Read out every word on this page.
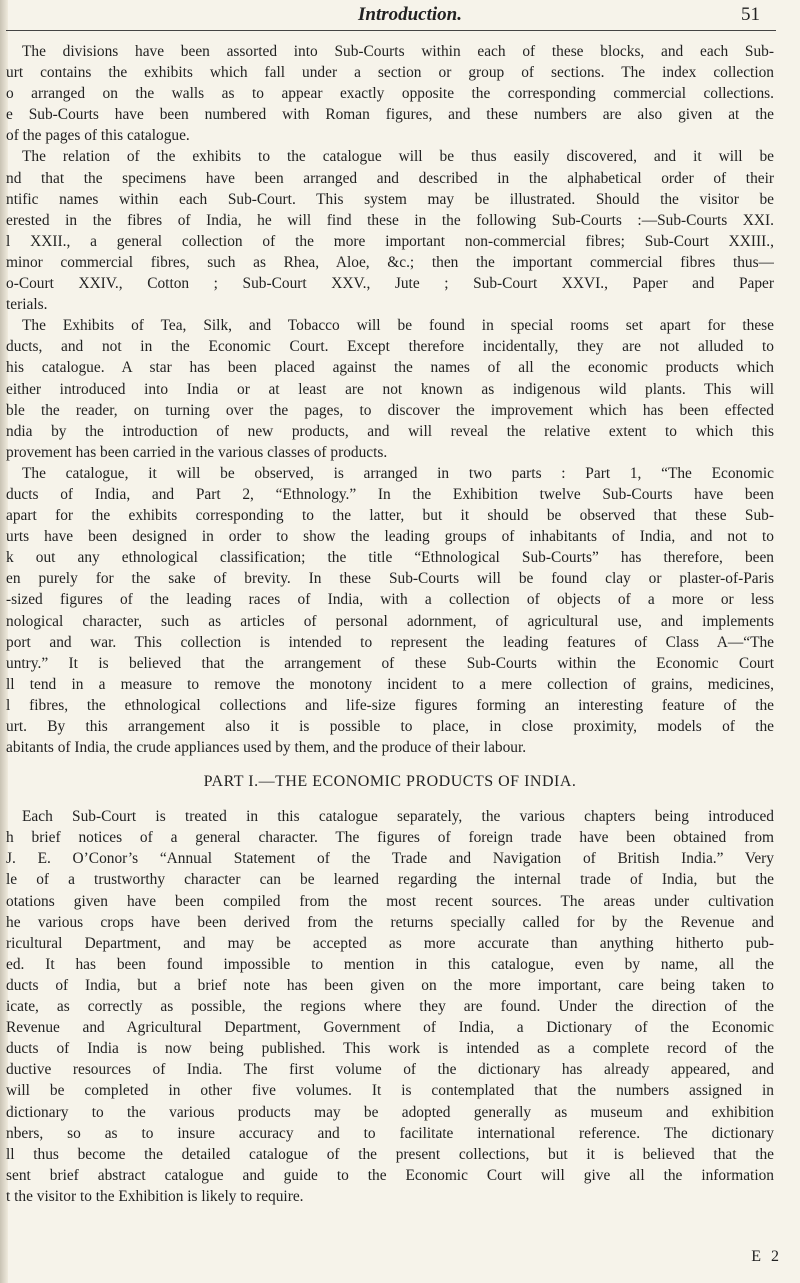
Introduction.	51
The divisions have been assorted into Sub-Courts within each of these blocks, and each Sub-
urt contains the exhibits which fall under a section or group of sections. The index collection
o arranged on the walls as to appear exactly opposite the corresponding commercial collections.
e Sub-Courts have been numbered with Roman figures, and these numbers are also given at the
of the pages of this catalogue.
The relation of the exhibits to the catalogue will be thus easily discovered, and it will be
nd that the specimens have been arranged and described in the alphabetical order of their
ntific names within each Sub-Court. This system may be illustrated. Should the visitor be
erested in the fibres of India, he will find these in the following Sub-Courts :—Sub-Courts XXI.
l XXII., a general collection of the more important non-commercial fibres; Sub-Court XXIII.,
minor commercial fibres, such as Rhea, Aloe, &c.; then the important commercial fibres thus—
o-Court XXIV., Cotton ; Sub-Court XXV., Jute ; Sub-Court XXVI., Paper and Paper
terials.
The Exhibits of Tea, Silk, and Tobacco will be found in special rooms set apart for these
ducts, and not in the Economic Court. Except therefore incidentally, they are not alluded to
his catalogue. A star has been placed against the names of all the economic products which
either introduced into India or at least are not known as indigenous wild plants. This will
ble the reader, on turning over the pages, to discover the improvement which has been effected
ndia by the introduction of new products, and will reveal the relative extent to which this
provement has been carried in the various classes of products.
The catalogue, it will be observed, is arranged in two parts : Part 1, “The Economic
ducts of India, and Part 2, “Ethnology.” In the Exhibition twelve Sub-Courts have been
apart for the exhibits corresponding to the latter, but it should be observed that these Sub-
urts have been designed in order to show the leading groups of inhabitants of India, and not to
k out any ethnological classification; the title “Ethnological Sub-Courts” has therefore, been
en purely for the sake of brevity. In these Sub-Courts will be found clay or plaster-of-Paris
-sized figures of the leading races of India, with a collection of objects of a more or less
nological character, such as articles of personal adornment, of agricultural use, and implements
port and war. This collection is intended to represent the leading features of Class A—“The
untry.” It is believed that the arrangement of these Sub-Courts within the Economic Court
ll tend in a measure to remove the monotony incident to a mere collection of grains, medicines,
l fibres, the ethnological collections and life-size figures forming an interesting feature of the
urt. By this arrangement also it is possible to place, in close proximity, models of the
abitants of India, the crude appliances used by them, and the produce of their labour.
PART I.—THE ECONOMIC PRODUCTS OF INDIA.
Each Sub-Court is treated in this catalogue separately, the various chapters being introduced
h brief notices of a general character. The figures of foreign trade have been obtained from
J. E. O’Conor’s “Annual Statement of the Trade and Navigation of British India.” Very
le of a trustworthy character can be learned regarding the internal trade of India, but the
otations given have been compiled from the most recent sources. The areas under cultivation
he various crops have been derived from the returns specially called for by the Revenue and
ricultural Department, and may be accepted as more accurate than anything hitherto pub-
ed. It has been found impossible to mention in this catalogue, even by name, all the
ducts of India, but a brief note has been given on the more important, care being taken to
icate, as correctly as possible, the regions where they are found. Under the direction of the
Revenue and Agricultural Department, Government of India, a Dictionary of the Economic
ducts of India is now being published. This work is intended as a complete record of the
ductive resources of India. The first volume of the dictionary has already appeared, and
will be completed in other five volumes. It is contemplated that the numbers assigned in
dictionary to the various products may be adopted generally as museum and exhibition
nbers, so as to insure accuracy and to facilitate international reference. The dictionary
ll thus become the detailed catalogue of the present collections, but it is believed that the
sent brief abstract catalogue and guide to the Economic Court will give all the information
t the visitor to the Exhibition is likely to require.
E 2
